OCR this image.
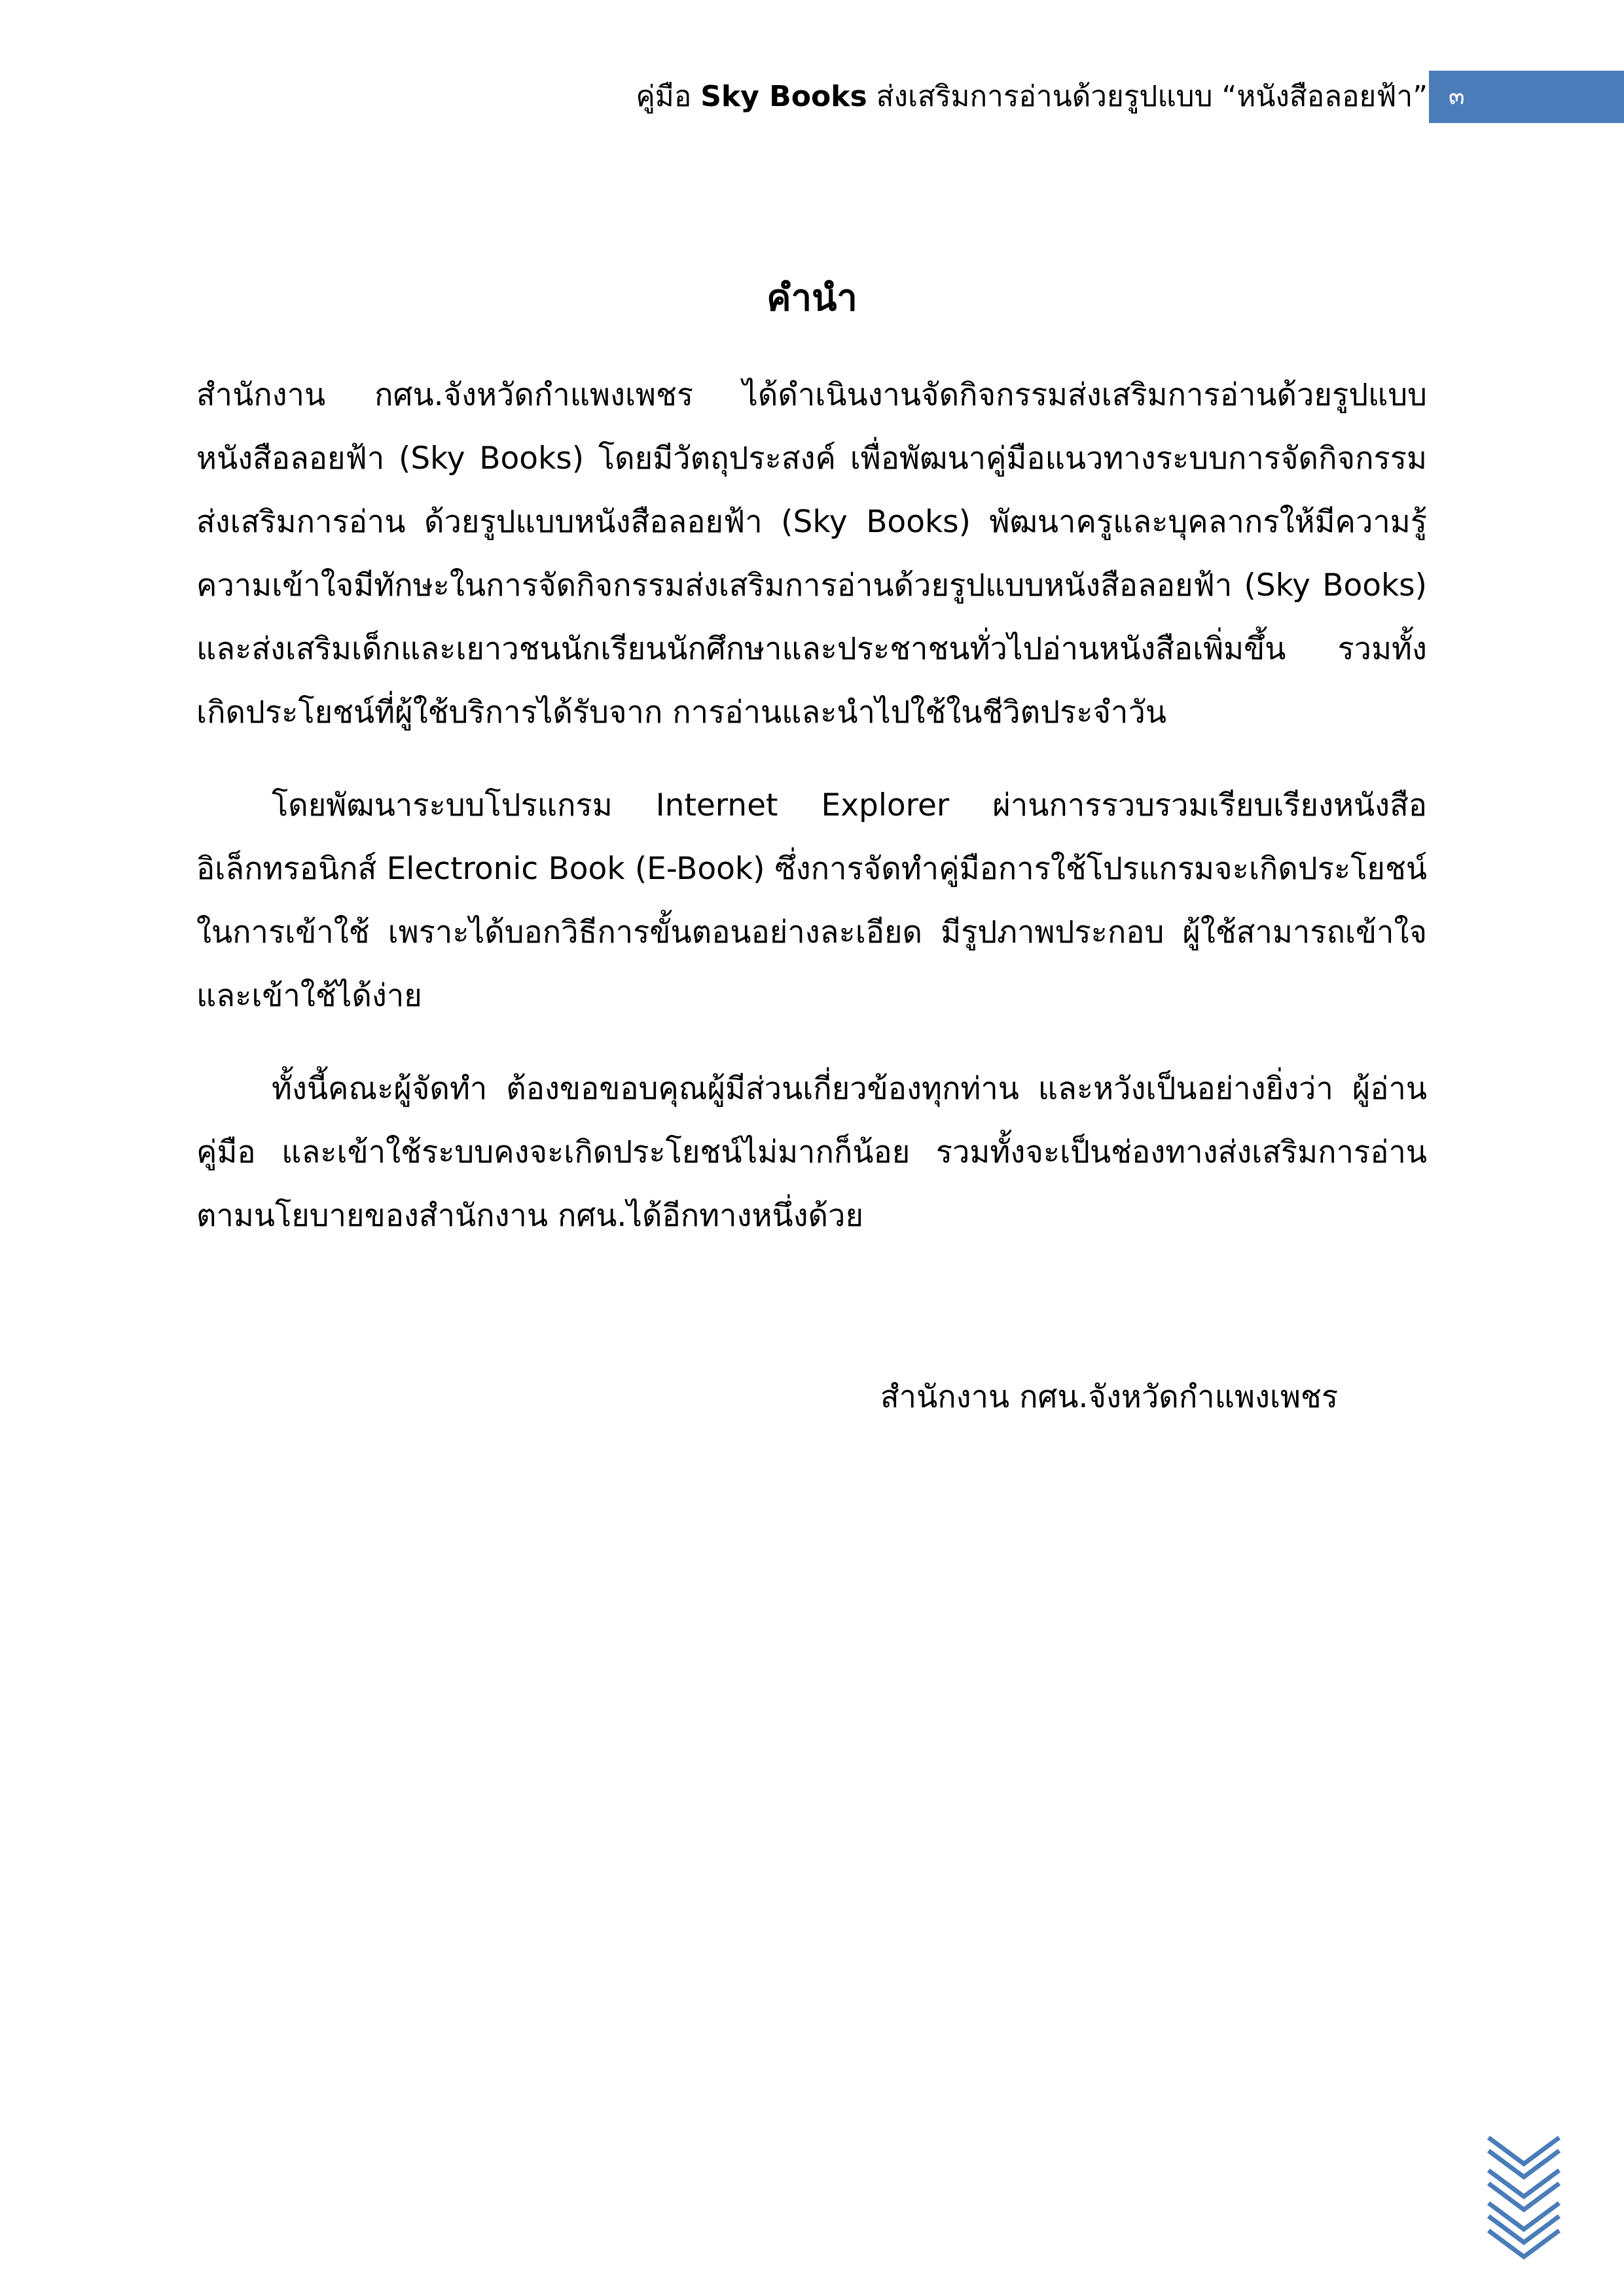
คู่มือ Sky Books ส่งเสริมการอ่านด้วยรูปแบบ “หนังสือลอยฟ้า” ๓
คำนำ

สำนักงาน กศน.จังหวัดกำแพงเพชร ได้ดำเนินงานจัดกิจกรรมส่งเสริมการอ่านด้วยรูปแบบหนังสือลอยฟ้า (Sky Books) โดยมีวัตถุประสงค์ เพื่อพัฒนาคู่มือแนวทางระบบการจัดกิจกรรมส่งเสริมการอ่าน ด้วยรูปแบบหนังสือลอยฟ้า (Sky Books) พัฒนาครูและบุคลากรให้มีความรู้ความเข้าใจมีทักษะในการจัดกิจกรรมส่งเสริมการอ่านด้วยรูปแบบหนังสือลอยฟ้า (Sky Books) และส่งเสริมเด็กและเยาวชนนักเรียนนักศึกษาและประชาชนทั่วไปอ่านหนังสือเพิ่มขึ้น รวมทั้งเกิดประโยชน์ที่ผู้ใช้บริการได้รับจาก การอ่านและนำไปใช้ในชีวิตประจำวัน

โดยพัฒนาระบบโปรแกรม Internet Explorer ผ่านการรวบรวมเรียบเรียงหนังสืออิเล็กทรอนิกส์ Electronic Book (E-Book) ซึ่งการจัดทำคู่มือการใช้โปรแกรมจะเกิดประโยชน์ในการเข้าใช้ เพราะได้บอกวิธีการขั้นตอนอย่างละเอียด มีรูปภาพประกอบ ผู้ใช้สามารถเข้าใจ และเข้าใช้ได้ง่าย

ทั้งนี้คณะผู้จัดทำ ต้องขอขอบคุณผู้มีส่วนเกี่ยวข้องทุกท่าน และหวังเป็นอย่างยิ่งว่า ผู้อ่านคู่มือ และเข้าใช้ระบบคงจะเกิดประโยชน์ไม่มากก็น้อย รวมทั้งจะเป็นช่องทางส่งเสริมการอ่านตามนโยบายของสำนักงาน กศน.ได้อีกทางหนึ่งด้วย

สำนักงาน กศน.จังหวัดกำแพงเพชร
